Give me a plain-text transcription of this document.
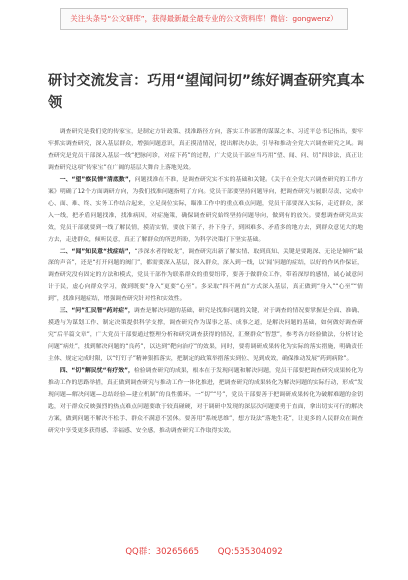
关注头条号“公文研库”，获得最新最全最专业的公文资料库！微信：gongwenz）
研讨交流发言：巧用“望闻问切”练好调查研究真本领

调查研究是我们党的传家宝，是制定方针政策、找准路径方向，落实工作部署的谋谋之本、习近平总书记指出，要牢牢抓实调查研究，深入基层群众，增强问题意识，真正摸清情况，提出解决办法，引导和推动全党大兴调查研究之风。调查研究是党员干部深入基层一线“把脉问诊，对症下药”的过程，广大党员干部应当巧用“望、闻、问、切”四诊法，真正让调查研究这项“传家宝”在广阔的基层大舞台上落地见效。

一、“望”察民情“清底数”，问题找准在不准，是调查研究实不实的基础和关键。《关于在全党大兴调查研究的工作方案》明确了12个方面调研方向，为我们找准问题指明了方向。党员干部要坚持问题导向，把调查研究与履职尽责、完成中心、面、难、终、实务工作结合起来，立足岗位实际，瞄准工作中的重点难点问题，党员干部要深入实际，走近群众，深入一线，把矛盾问题找准，找准病因，对症施策，确保调查研究始终坚持问题导向，做到有的放矢。要想调查研究出实效，党员干部就要到一线了解民情，摸清实情，要放下架子，扑下身子，到困难多、矛盾多的地方去，到群众意见大的地方去，走进群众，倾听民意，真正了解群众的所思所盼，为科学决策打下坚实基础。

二、“闻”知民意“找症结”，“涉深水者得蛟龙”，调查研究出新了解实情、取到真知、关键是要跑深、无论是倾听“最深的声音”，还是“打开问题的阀门”，都需要深入基层，深入群众，深入到一线，以‘闻’问题的症结，以好的作风作保证，调查研究没有固定的方法和模式，党员干部作为联系群众的重要纽带，要善于做群众工作，带着深厚的感情，诚心诚意问计于民，虚心向群众学习，做到既要“身入”更要“心至”。多采取“四不两直”方式深入基层，真正做到“身入”“心至”“情到”，找准问题症结，增强调查研究针对性和实效性。

三、“问”汇民智“药对症”，调查是解决问题的基础，研究是找准问题的关键，对于调查的情况要掌握是全面、准确、摸透与为谋划工作、制定决策提供科学支撑，调查研究作为谋事之基、成事之道，是解决问题的基础，如何做好调查研究“后半篇文章”，广大党员干部要通过整理分析和研究调查获得的情况，汇聚群众“智慧”，参考各方经验做法，分析讨论问题“病灶”，找到解决问题的“良药”，以达到“靶向治疗”的效果，同时，要将调研成果转化为实际的落实措施，明确责任主体、规定完成时限，以“钉钉子”精神狠抓落实，把制定的政策举措落实到位、见到成效，确保推动发展“药到病除”。

四、“切”解民忧“有疗效”，检验调查研究的成果，根本在于发现问题和解决问题，党员干部要把调查研究成果转化为推动工作的思路举措，真正做到调查研究与推动工作一体化推进，把调查研究的成果转化为解决问题的实际行动，形成“发现问题—解决问题—总结经验—建立机制”的良性循环。一“切”“号”，党员干部要善于把调研成果转化为破解难题的金钥匙，对于群众反映强烈的热点难点问题要敢于较真碰硬，对于调研中发现的深层次问题要勇于直面，拿出切实可行的解决方案，做到问题不解决不松手、群众不满意不罢休。要善用“系统思维”，想方设法“落地生花”，让更多的人民群众在调查研究中享受更多获得感、幸福感、安全感，推动调查研究工作取得实效。

QQ群：30265665 QQ:535304092
